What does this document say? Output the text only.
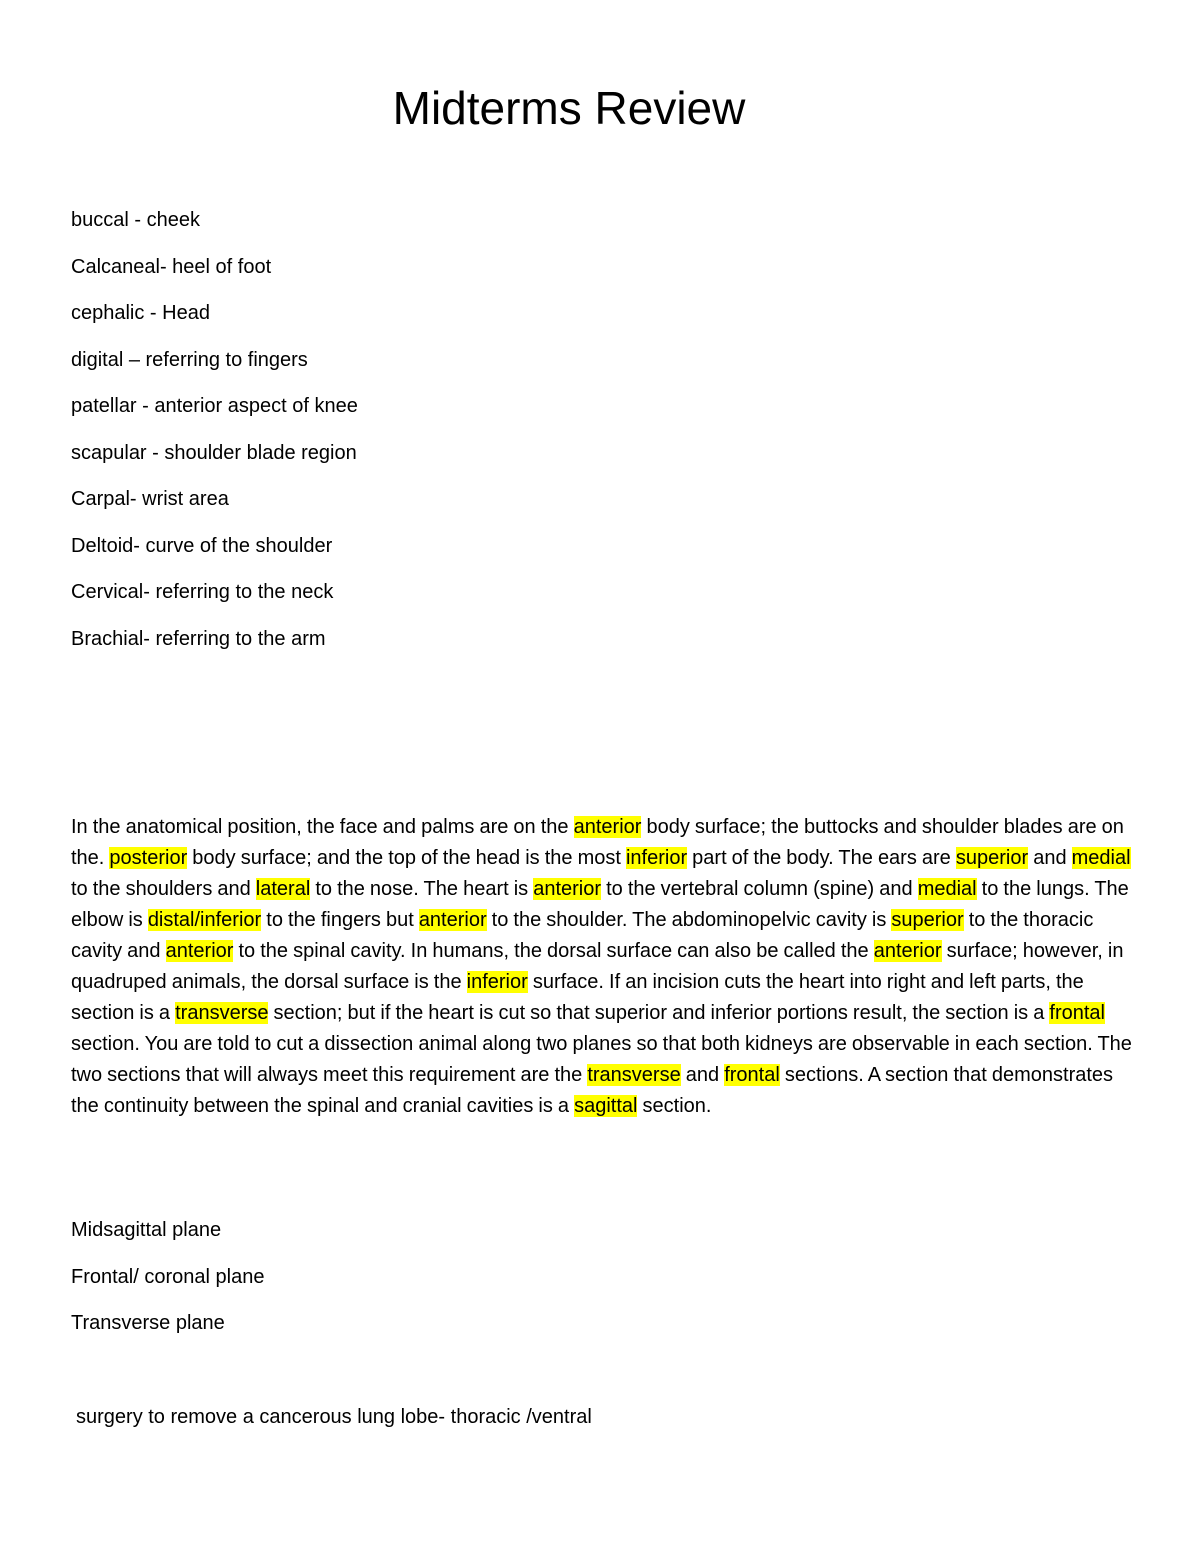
Midterms Review
buccal - cheek
Calcaneal- heel of foot
cephalic - Head
digital – referring to fingers
patellar - anterior aspect of knee
scapular - shoulder blade region
Carpal- wrist area
Deltoid- curve of the shoulder
Cervical- referring to the neck
Brachial- referring to the arm

In the anatomical position, the face and palms are on the anterior body surface; the buttocks and shoulder blades are on the. posterior body surface; and the top of the head is the most inferior part of the body. The ears are superior and medial to the shoulders and lateral to the nose. The heart is anterior to the vertebral column (spine) and medial to the lungs. The elbow is distal/inferior to the fingers but anterior to the shoulder. The abdominopelvic cavity is superior to the thoracic cavity and anterior to the spinal cavity. In humans, the dorsal surface can also be called the anterior surface; however, in quadruped animals, the dorsal surface is the inferior surface. If an incision cuts the heart into right and left parts, the section is a transverse section; but if the heart is cut so that superior and inferior portions result, the section is a frontal section. You are told to cut a dissection animal along two planes so that both kidneys are observable in each section. The two sections that will always meet this requirement are the transverse and frontal sections. A section that demonstrates the continuity between the spinal and cranial cavities is a sagittal section.

Midsagittal plane
Frontal/ coronal plane
Transverse plane

surgery to remove a cancerous lung lobe- thoracic /ventral
